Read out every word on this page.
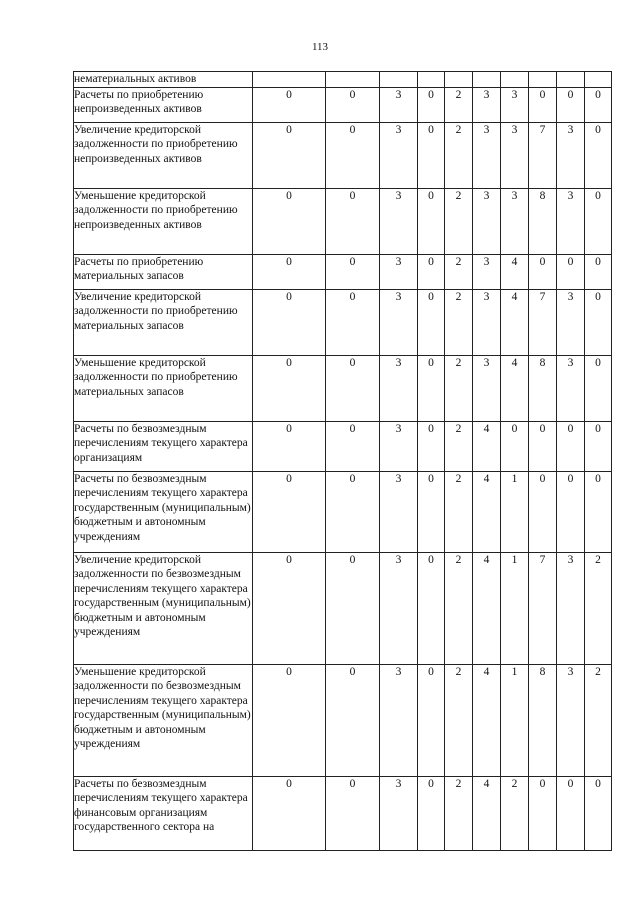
113
нематериальных активов										
Расчеты по приобретению непроизведенных активов	0	0	3	0	2	3	3	0	0	0
Увеличение кредиторской задолженности по приобретению непроизведенных активов	0	0	3	0	2	3	3	7	3	0
Уменьшение кредиторской задолженности по приобретению непроизведенных активов	0	0	3	0	2	3	3	8	3	0
Расчеты по приобретению материальных запасов	0	0	3	0	2	3	4	0	0	0
Увеличение кредиторской задолженности по приобретению материальных запасов	0	0	3	0	2	3	4	7	3	0
Уменьшение кредиторской задолженности по приобретению материальных запасов	0	0	3	0	2	3	4	8	3	0
Расчеты по безвозмездным перечислениям текущего характера организациям	0	0	3	0	2	4	0	0	0	0
Расчеты по безвозмездным перечислениям текущего характера государственным (муниципальным) бюджетным и автономным учреждениям	0	0	3	0	2	4	1	0	0	0
Увеличение кредиторской задолженности по безвозмездным перечислениям текущего характера государственным (муниципальным) бюджетным и автономным учреждениям	0	0	3	0	2	4	1	7	3	2
Уменьшение кредиторской задолженности по безвозмездным перечислениям текущего характера государственным (муниципальным) бюджетным и автономным учреждениям	0	0	3	0	2	4	1	8	3	2
Расчеты по безвозмездным перечислениям текущего характера финансовым организациям государственного сектора на	0	0	3	0	2	4	2	0	0	0
